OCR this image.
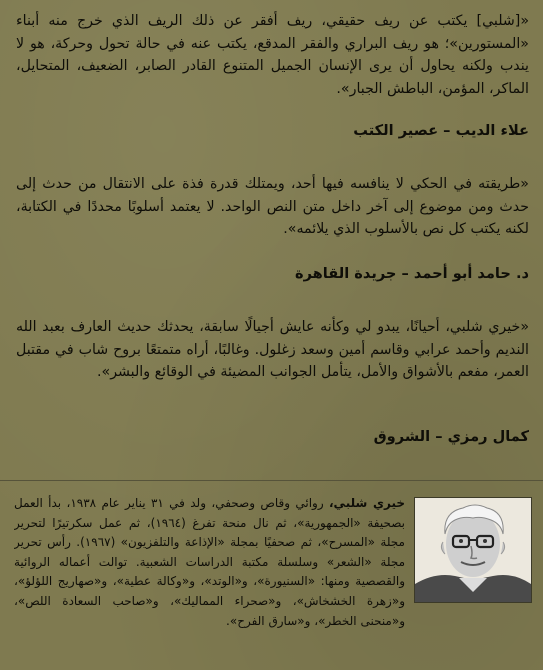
«[شلبي] يكتب عن ريف حقيقي، ريف أفقر عن ذلك الريف الذي خرج منه أبناء «المستورين»؛ هو ريف البراري والفقر المدقع، يكتب عنه في حالة تحول وحركة، هو لا يندب ولكنه يحاول أن يرى الإنسان الجميل المتنوع القادر الصابر، الضعيف، المتحايل، الماكر، المؤمن، الباطش الجبار».

علاء الديب – عصير الكتب

«طريقته في الحكي لا ينافسه فيها أحد، ويمتلك قدرة فذة على الانتقال من حدث إلى حدث ومن موضوع إلى آخر داخل متن النص الواحد. لا يعتمد أسلوبًا محددًا في الكتابة، لكنه يكتب كل نص بالأسلوب الذي يلائمه».

د. حامد أبو أحمد – جريدة القاهرة

«خيري شلبي، أحيانًا، يبدو لي وكأنه عايش أجيالًا سابقة، يحدثك حديث العارف بعبد الله النديم وأحمد عرابي وقاسم أمين وسعد زغلول. وغالبًا، أراه متمتعًا بروح شاب في مقتبل العمر، مفعم بالأشواق والأمل، يتأمل الجوانب المضيئة في الوقائع والبشر».

كمال رمزي – الشروق

خيري شلبي، روائي وقاص وصحفي، ولد في ٣١ يناير عام ١٩٣٨، بدأ العمل بصحيفة «الجمهورية»، ثم نال منحة تفرغ (١٩٦٤)، ثم عمل سكرتيرًا لتحرير مجلة «المسرح»، ثم صحفيًا بمجلة «الإذاعة والتلفزيون» (١٩٦٧). رأس تحرير مجلة «الشعر» وسلسلة مكتبة الدراسات الشعبية. توالت أعماله الروائية والقصصية ومنها: «السنيورة»، و«الوتد»، و«وكالة عطية»، و«صهاريج اللؤلؤ»، و«زهرة الخشخاش»، و«صحراء المماليك»، و«صاحب السعادة اللص»، و«منحنى الخطر»، و«سارق الفرح».
